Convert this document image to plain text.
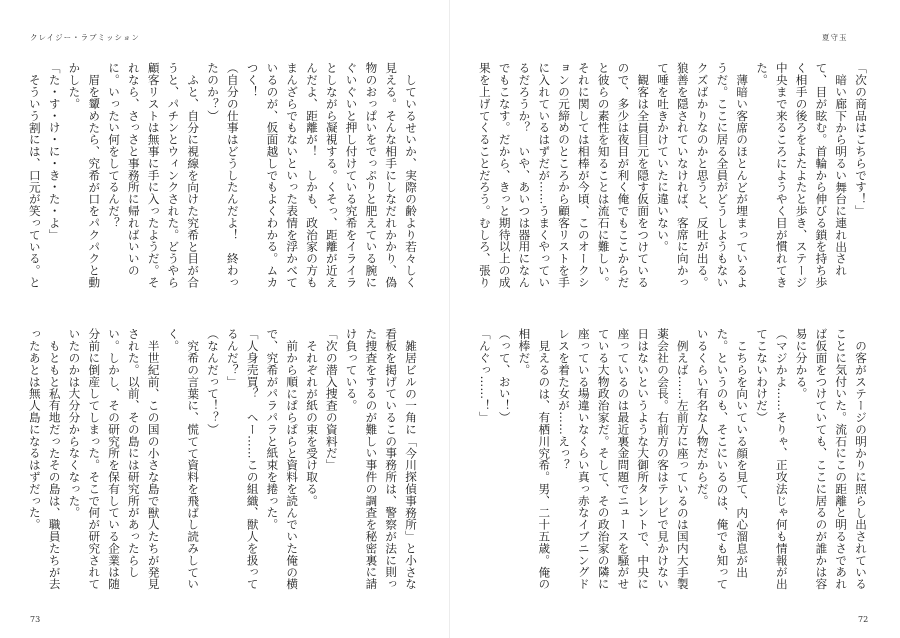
クレイジー・ラブミッション

しているせいか、実際の齢より若々しく見える。そんな相手にしなだれかかり、偽物のおっぱいをでっぷりと肥えている腕にぐいぐいと押し付けている究希をイライラとしながら凝視する。くそっ、距離が近えんだよ、距離が！　しかも、政治家の方もまんざらでもないといった表情を浮かべているのが、仮面越しでもよくわかる。ムカつく！

（自分の仕事はどうしたんだよ！　終わったのか？）

ふと、自分に視線を向けた究希と目が合うと、パチンとウィンクされた。どうやら顧客リストは無事に手に入ったようだ。それなら、さっさと事務所に帰ればいいのに。いったい何をしてるんだ？

眉を顰めたら、究希が口をパクパクと動かした。

「た・す・け・に・き・た・よ」

そういう割には、口元が笑っている。と

雑居ビルの一角に「今川探偵事務所」と小さな看板を掲げているこの事務所は、警察が法に則った捜査をするのが難しい事件の調査を秘密裏に請け負っている。

「次の潜入捜査の資料だ」

それぞれが紙の束を受け取る。

前から順にぱらぱらと資料を読んでいた俺の横で、究希がパラパラと紙束を捲った。

「人身売買？　へー……この組織、獣人を扱ってるんだ？」

（なんだって！？）

究希の言葉に、慌てて資料を飛ばし読みしていく。

半世紀前、この国の小さな島で獣人たちが発見された。以前、その島には研究所があったらしい。しかし、その研究所を保有している企業は随分前に倒産してしまった。そこで何が研究されていたのかは大分分からなくなった。

もともと私有地だったその島は、職員たちが去ったあとは無人島になるはずだった。

73
夏守玉

「次の商品はこちらです！」

暗い廊下から明るい舞台に連れ出されて、目が眩む。首輪から伸びる鎖を持ち歩く相手の後ろをよたよたと歩き、ステージ中央まで来るころにようやく目が慣れてきた。

薄暗い客席のほとんどが埋まっているようだ。ここに居る全員がどうしようもないクズばかりなのかと思うと、反吐が出る。狼善を隠されていなければ、客席に向かって唾を吐きかけていたに違いない。

観客は全員目元を隠す仮面をつけているので、多少は夜目が利く俺でもここからだと彼らの素性を知ることは流石に難しい。それに関しては相棒が今頃、このオークションの元締めのところから顧客リストを手に入れているはずだが……うまくやっているだろうか？　いや、あいつは器用になんでもこなす。だから、きっと期待以上の成果を上げてくることだろう。むしろ、張り

の客がステージの明かりに照らし出されていることに気付いた。流石にこの距離と明るさであれば仮面をつけていても、ここに居るのが誰かは容易に分かる。

（マジかよ……そりゃ、正攻法じゃ何も情報が出てこないわけだ）

こちらを向いている顔を見て、内心溜息が出た。というのも、そこにいるのは、俺でも知っているくらい有名な人物だからだ。

例えば……左前方に座っているのは国内大手製薬会社の会長。右前方の客はテレビで見かけない日はないというような大御所タレントで、中央に座っているのは最近裏金問題でニュースを騒がせている大物政治家だ。そして、その政治家の隣に座っている場違いなくらい真っ赤なイブニングドレスを着た女が……えっ？

見えるのは、有栖川究希。男、二十五歳。俺の相棒だ。

（って、おい！）

「んぐっ……！」

72
